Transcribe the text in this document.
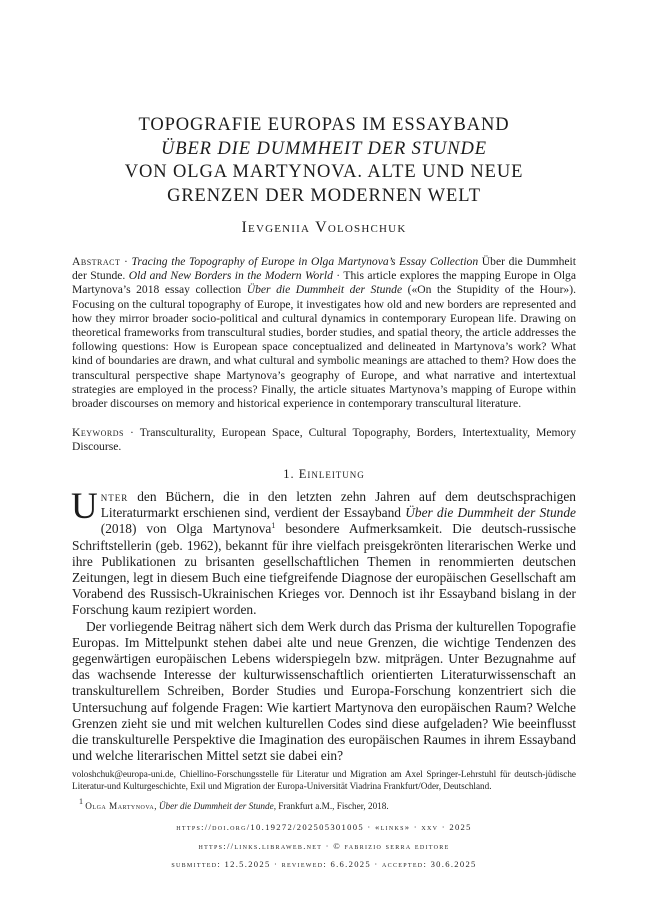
TOPOGRAFIE EUROPAS IM ESSAYBAND
ÜBER DIE DUMMHEIT DER STUNDE
VON OLGA MARTYNOVA. ALTE UND NEUE
GRENZEN DER MODERNEN WELT
Ievgeniia Voloshchuk
Abstract · Tracing the Topography of Europe in Olga Martynova’s Essay Collection Über die Dummheit der Stunde. Old and New Borders in the Modern World · This article explores the mapping Europe in Olga Martynova’s 2018 essay collection Über die Dummheit der Stunde («On the Stupidity of the Hour»). Focusing on the cultural topography of Europe, it investigates how old and new borders are represented and how they mirror broader socio-political and cultural dynamics in contemporary European life. Drawing on theoretical frameworks from transcultural studies, border studies, and spatial theory, the article addresses the following questions: How is European space conceptualized and delineated in Martynova’s work? What kind of boundaries are drawn, and what cultural and symbolic meanings are attached to them? How does the transcultural perspective shape Martynova’s geography of Europe, and what narrative and intertextual strategies are employed in the process? Finally, the article situates Martynova’s mapping of Europe within broader discourses on memory and historical experience in contemporary transcultural literature.
Keywords · Transculturality, European Space, Cultural Topography, Borders, Intertextuality, Memory Discourse.
1. Einleitung

Unter den Büchern, die in den letzten zehn Jahren auf dem deutschsprachigen Literaturmarkt erschienen sind, verdient der Essayband Über die Dummheit der Stunde (2018) von Olga Martynova$^1$ besondere Aufmerksamkeit. Die deutsch-russische Schriftstellerin (geb. 1962), bekannt für ihre vielfach preisgekrönten literarischen Werke und ihre Publikationen zu brisanten gesellschaftlichen Themen in renommierten deutschen Zeitungen, legt in diesem Buch eine tiefgreifende Diagnose der europäischen Gesellschaft am Vorabend des Russisch-Ukrainischen Krieges vor. Dennoch ist ihr Essayband bislang in der Forschung kaum rezipiert worden.

Der vorliegende Beitrag nähert sich dem Werk durch das Prisma der kulturellen Topografie Europas. Im Mittelpunkt stehen dabei alte und neue Grenzen, die wichtige Tendenzen des gegenwärtigen europäischen Lebens widerspiegeln bzw. mitprägen. Unter Bezugnahme auf das wachsende Interesse der kulturwissenschaftlich orientierten Literaturwissenschaft an transkulturellem Schreiben, Border Studies und Europa-Forschung konzentriert sich die Untersuchung auf folgende Fragen: Wie kartiert Martynova den europäischen Raum? Welche Grenzen zieht sie und mit welchen kulturellen Codes sind diese aufgeladen? Wie beeinflusst die transkulturelle Perspektive die Imagination des europäischen Raumes in ihrem Essayband und welche literarischen Mittel setzt sie dabei ein?

voloshchuk@europa-uni.de, Chiellino-Forschungsstelle für Literatur und Migration am Axel Springer-Lehrstuhl für deutsch-jüdische Literatur-und Kulturgeschichte, Exil und Migration der Europa-Universität Viadrina Frankfurt/Oder, Deutschland.

$^1$ Olga Martynova, Über die Dummheit der Stunde, Frankfurt a.M., Fischer, 2018.

https://doi.org/10.19272/202505301005 · «links» · xxv · 2025
https://links.libraweb.net · © fabrizio serra editore
submitted: 12.5.2025 · reviewed: 6.6.2025 · accepted: 30.6.2025
